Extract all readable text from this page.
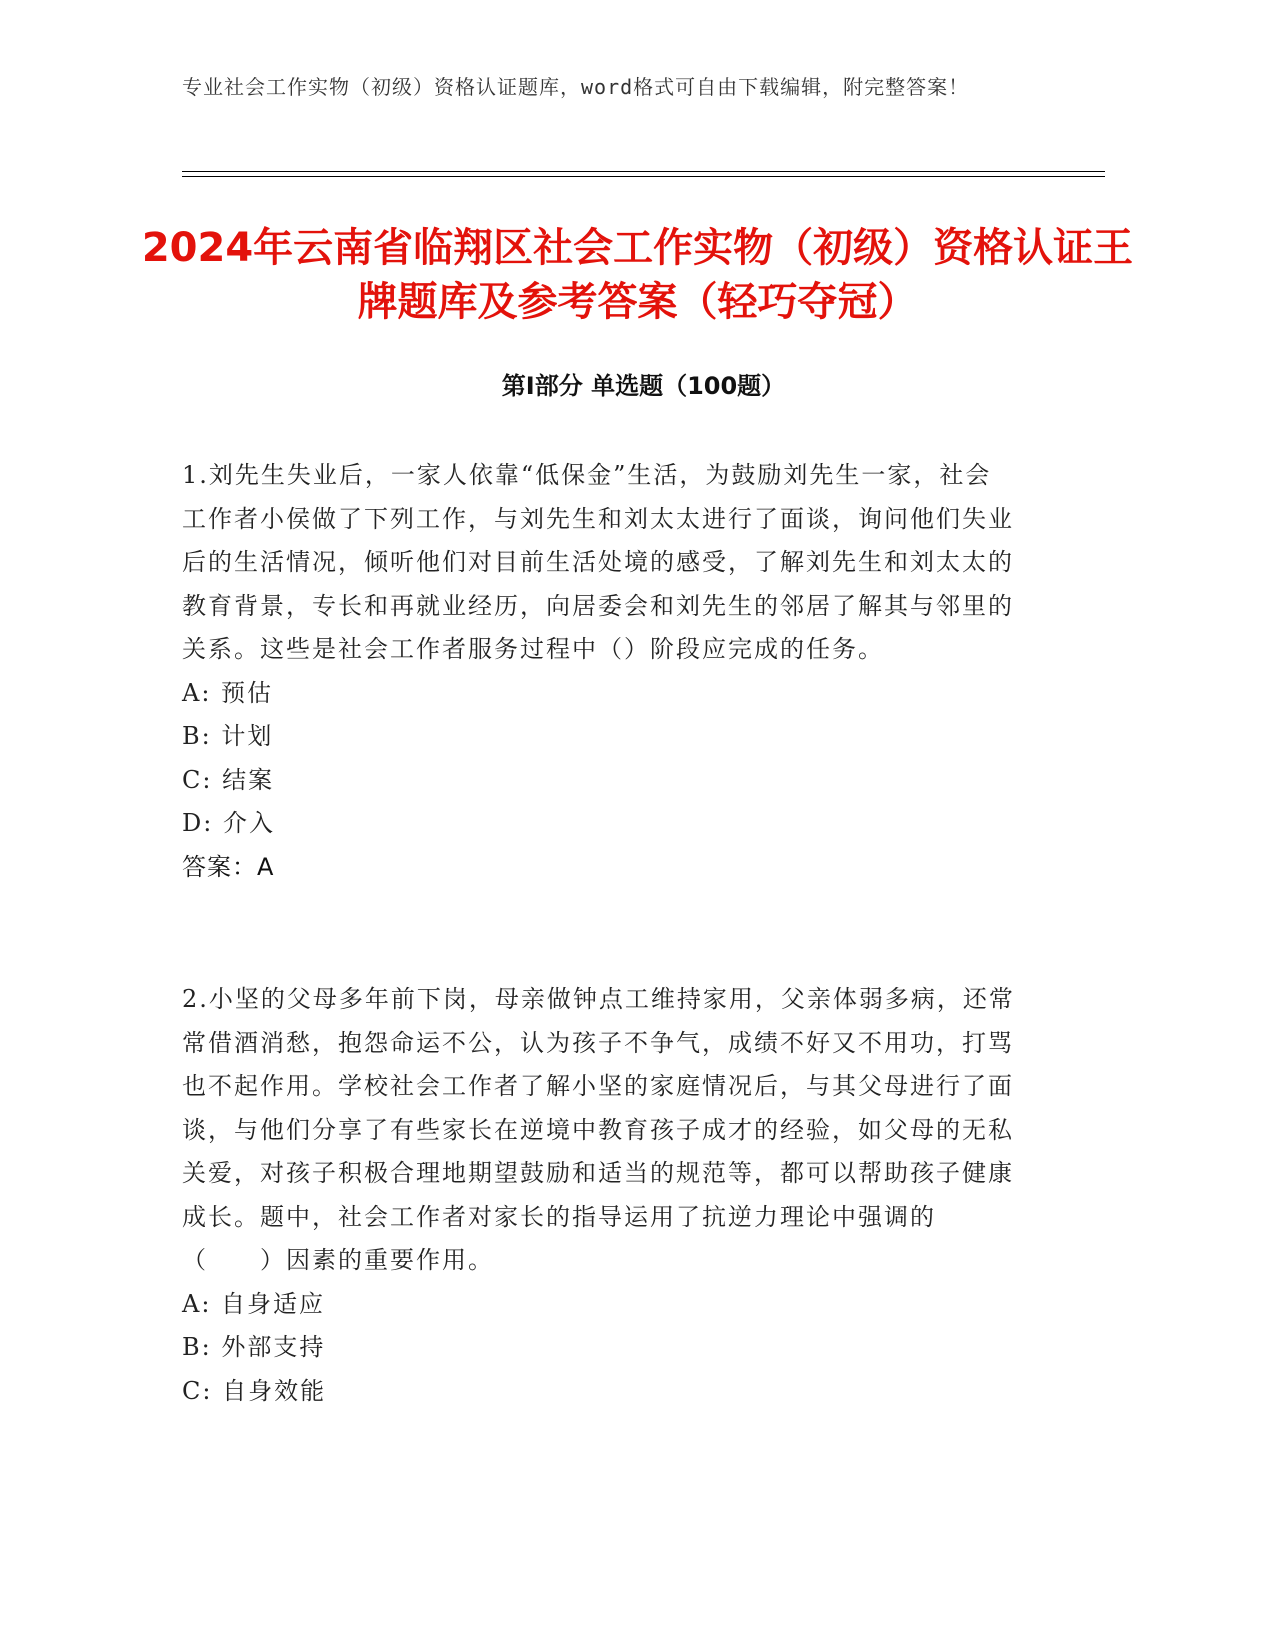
专业社会工作实物（初级）资格认证题库，word格式可自由下载编辑，附完整答案！
2024年云南省临翔区社会工作实物（初级）资格认证王牌题库及参考答案（轻巧夺冠）
第Ⅰ部分 单选题（100题）

1.刘先生失业后，一家人依靠“低保金”生活，为鼓励刘先生一家，社会工作者小侯做了下列工作，与刘先生和刘太太进行了面谈，询问他们失业后的生活情况，倾听他们对目前生活处境的感受，了解刘先生和刘太太的教育背景，专长和再就业经历，向居委会和刘先生的邻居了解其与邻里的关系。这些是社会工作者服务过程中（）阶段应完成的任务。

A: 预估

B: 计划

C: 结案

D: 介入

答案：A

2.小坚的父母多年前下岗，母亲做钟点工维持家用，父亲体弱多病，还常常借酒消愁，抱怨命运不公，认为孩子不争气，成绩不好又不用功，打骂也不起作用。学校社会工作者了解小坚的家庭情况后，与其父母进行了面谈，与他们分享了有些家长在逆境中教育孩子成才的经验，如父母的无私关爱，对孩子积极合理地期望鼓励和适当的规范等，都可以帮助孩子健康成长。题中，社会工作者对家长的指导运用了抗逆力理论中强调的（　　）因素的重要作用。

A: 自身适应

B: 外部支持

C: 自身效能
